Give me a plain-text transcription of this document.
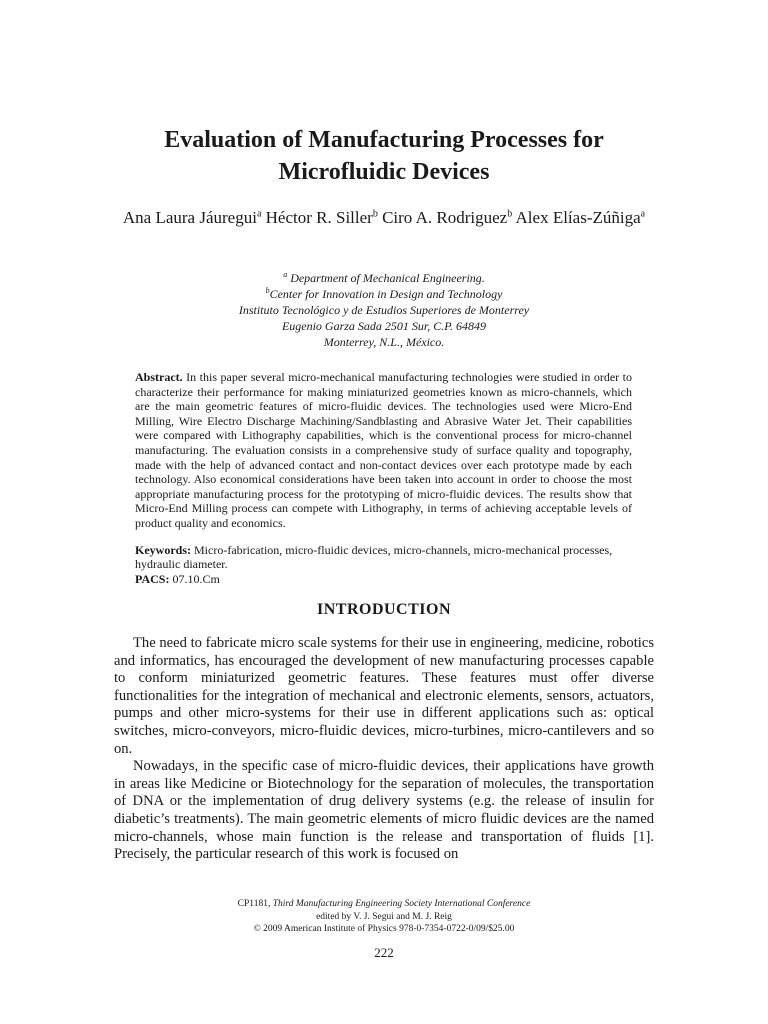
Evaluation of Manufacturing Processes for
Microfluidic Devices
Ana Laura Jáuregui$^a$ Héctor R. Siller$^b$ Ciro A. Rodriguez$^b$ Alex Elías-Zúñiga$^a$
$^a$ Department of Mechanical Engineering.
$^b$Center for Innovation in Design and Technology
Instituto Tecnológico y de Estudios Superiores de Monterrey
Eugenio Garza Sada 2501 Sur, C.P. 64849
Monterrey, N.L., México.

Abstract. In this paper several micro-mechanical manufacturing technologies were studied in order to characterize their performance for making miniaturized geometries known as micro-channels, which are the main geometric features of micro-fluidic devices. The technologies used were Micro-End Milling, Wire Electro Discharge Machining/Sandblasting and Abrasive Water Jet. Their capabilities were compared with Lithography capabilities, which is the conventional process for micro-channel manufacturing. The evaluation consists in a comprehensive study of surface quality and topography, made with the help of advanced contact and non-contact devices over each prototype made by each technology. Also economical considerations have been taken into account in order to choose the most appropriate manufacturing process for the prototyping of micro-fluidic devices. The results show that Micro-End Milling process can compete with Lithography, in terms of achieving acceptable levels of product quality and economics.

Keywords: Micro-fabrication, micro-fluidic devices, micro-channels, micro-mechanical processes, hydraulic diameter.
PACS: 07.10.Cm
INTRODUCTION

The need to fabricate micro scale systems for their use in engineering, medicine, robotics and informatics, has encouraged the development of new manufacturing processes capable to conform miniaturized geometric features. These features must offer diverse functionalities for the integration of mechanical and electronic elements, sensors, actuators, pumps and other micro-systems for their use in different applications such as: optical switches, micro-conveyors, micro-fluidic devices, micro-turbines, micro-cantilevers and so on.

Nowadays, in the specific case of micro-fluidic devices, their applications have growth in areas like Medicine or Biotechnology for the separation of molecules, the transportation of DNA or the implementation of drug delivery systems (e.g. the release of insulin for diabetic’s treatments). The main geometric elements of micro fluidic devices are the named micro-channels, whose main function is the release and transportation of fluids [1]. Precisely, the particular research of this work is focused on

CP1181, Third Manufacturing Engineering Society International Conference
edited by V. J. Segui and M. J. Reig
© 2009 American Institute of Physics 978-0-7354-0722-0/09/$25.00
222
